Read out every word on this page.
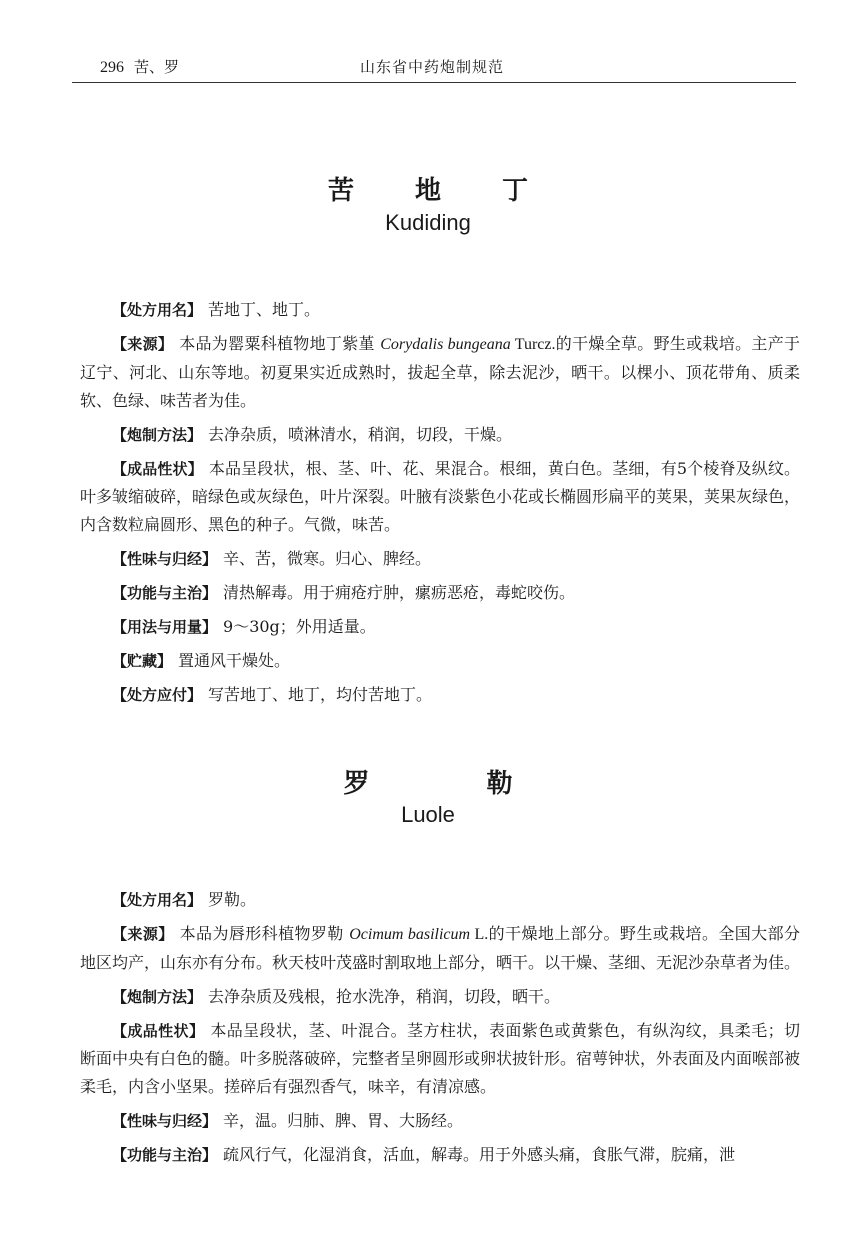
296 苦、罗	山东省中药炮制规范
苦 地 丁
Kudiding

【处方用名】 苦地丁、地丁。

【来源】 本品为罂粟科植物地丁紫堇 Corydalis bungeana Turcz.的干燥全草。野生或栽培。主产于辽宁、河北、山东等地。初夏果实近成熟时，拔起全草，除去泥沙，晒干。以棵小、顶花带角、质柔软、色绿、味苦者为佳。

【炮制方法】 去净杂质，喷淋清水，稍润，切段，干燥。

【成品性状】 本品呈段状，根、茎、叶、花、果混合。根细，黄白色。茎细，有5个棱脊及纵纹。叶多皱缩破碎，暗绿色或灰绿色，叶片深裂。叶腋有淡紫色小花或长椭圆形扁平的荚果，荚果灰绿色，内含数粒扁圆形、黑色的种子。气微，味苦。

【性味与归经】 辛、苦，微寒。归心、脾经。

【功能与主治】 清热解毒。用于痈疮疔肿，瘰疬恶疮，毒蛇咬伤。

【用法与用量】 9～30g；外用适量。

【贮藏】 置通风干燥处。

【处方应付】 写苦地丁、地丁，均付苦地丁。

罗 勒
Luole

【处方用名】 罗勒。

【来源】 本品为唇形科植物罗勒 Ocimum basilicum L.的干燥地上部分。野生或栽培。全国大部分地区均产，山东亦有分布。秋天枝叶茂盛时割取地上部分，晒干。以干燥、茎细、无泥沙杂草者为佳。

【炮制方法】 去净杂质及残根，抢水洗净，稍润，切段，晒干。

【成品性状】 本品呈段状，茎、叶混合。茎方柱状，表面紫色或黄紫色，有纵沟纹，具柔毛；切断面中央有白色的髓。叶多脱落破碎，完整者呈卵圆形或卵状披针形。宿萼钟状，外表面及内面喉部被柔毛，内含小坚果。搓碎后有强烈香气，味辛，有清凉感。

【性味与归经】 辛，温。归肺、脾、胃、大肠经。

【功能与主治】 疏风行气，化湿消食，活血，解毒。用于外感头痛，食胀气滞，脘痛，泄
